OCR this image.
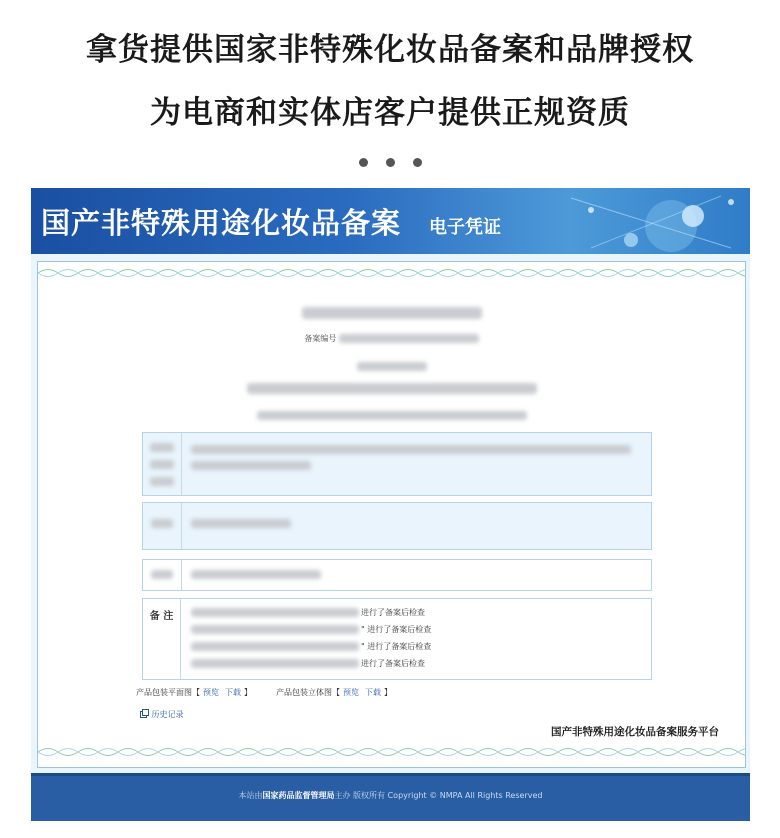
拿货提供国家非特殊化妆品备案和品牌授权
为电商和实体店客户提供正规资质
国产非特殊用途化妆品备案 电子凭证
备案编号

备 注	进行了备案后检查
" 进行了备案后检查
" 进行了备案后检查
进行了备案后检查
产品包装平面图【 预览 下载 】	产品包装立体图【 预览 下载 】
历史记录
国产非特殊用途化妆品备案服务平台
本站由国家药品监督管理局主办 版权所有 Copyright © NMPA All Rights Reserved
